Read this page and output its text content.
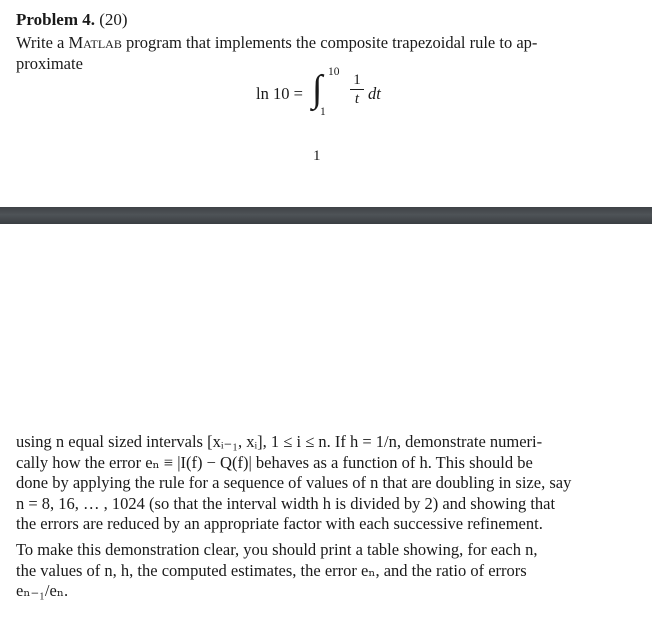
Problem 4. (20)
Write a Matlab program that implements the composite trapezoidal rule to ap-
proximate
ln 10 = ∫ 10
1
1
t dt
1
using n equal sized intervals [xᵢ₋₁, xᵢ], 1 ≤ i ≤ n. If h = 1/n, demonstrate numeri-
cally how the error eₙ ≡ |I(f) − Q(f)| behaves as a function of h. This should be
done by applying the rule for a sequence of values of n that are doubling in size, say
n = 8, 16, … , 1024 (so that the interval width h is divided by 2) and showing that
the errors are reduced by an appropriate factor with each successive refinement.
To make this demonstration clear, you should print a table showing, for each n,
the values of n, h, the computed estimates, the error eₙ, and the ratio of errors
eₙ₋₁/eₙ.
